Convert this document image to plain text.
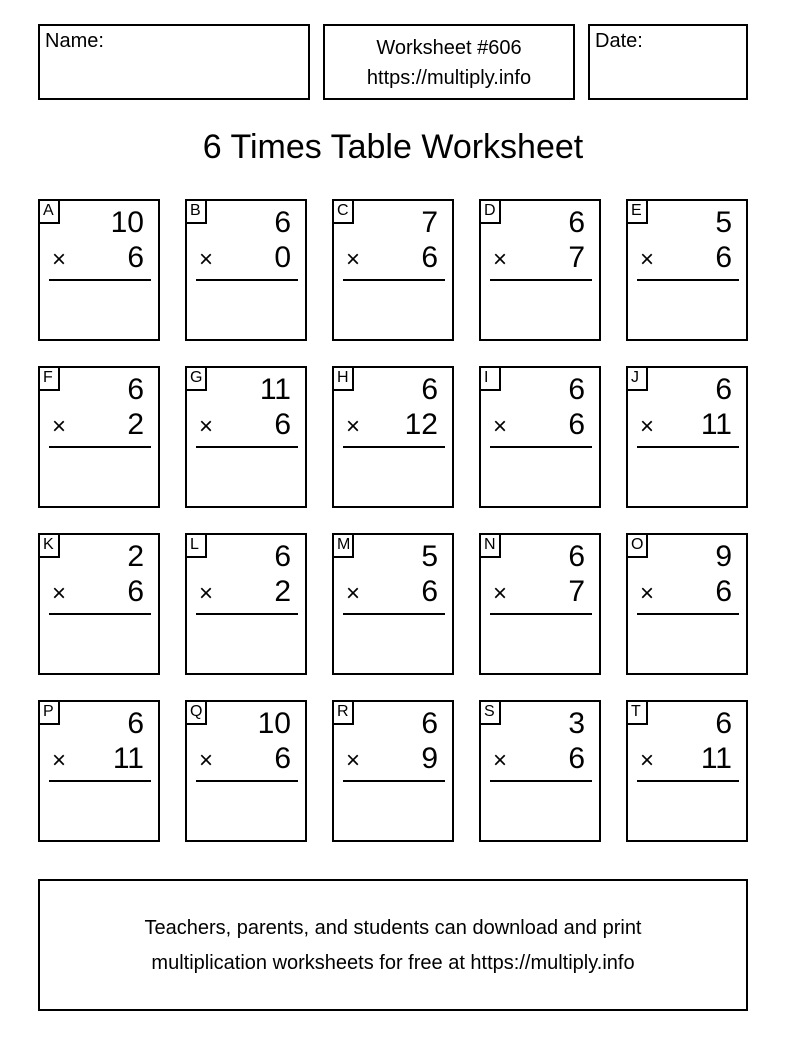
Name:	Worksheet #606
https://multiply.info
Date:
6 Times Table Worksheet
A 10
× 6
B 6
× 0
C 7
× 6
D 6
× 7
E 5
× 6
F 6
× 2
G 11
× 6
H 6
× 12
I	6
× 6
J	6
× 11
K 2
× 6
L	6
× 2
M 5
× 6
N 6
× 7
O 9
× 6
P 6
× 11
Q 10
× 6
R 6
× 9
S 3
× 6
T 6
× 11
Teachers, parents, and students can download and print
multiplication worksheets for free at https://multiply.info
